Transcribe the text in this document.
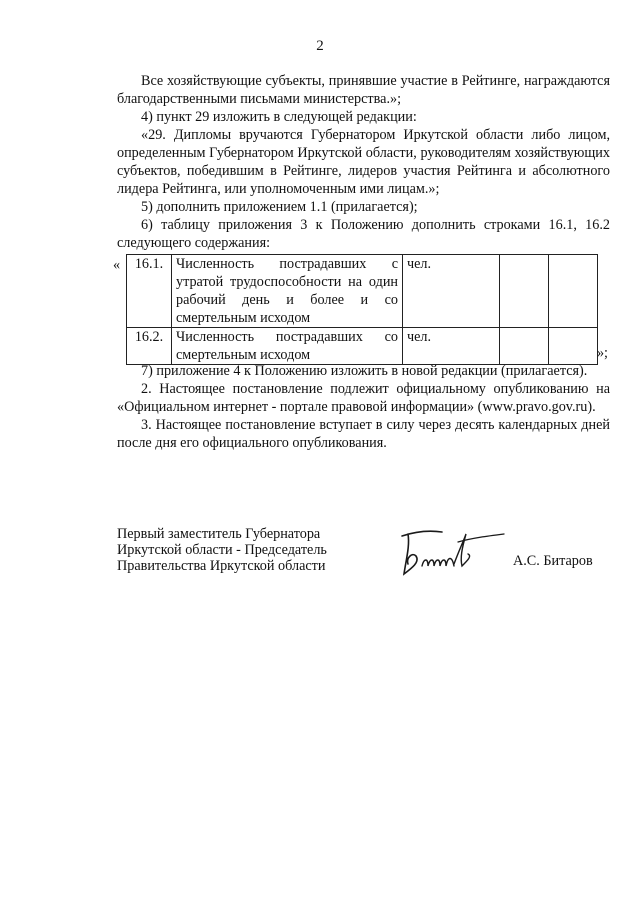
2

Все хозяйствующие субъекты, принявшие участие в Рейтинге, награждаются благодарственными письмами министерства.»;

4) пункт 29 изложить в следующей редакции:

«29. Дипломы вручаются Губернатором Иркутской области либо лицом, определенным Губернатором Иркутской области, руководителям хозяйствующих субъектов, победившим в Рейтинге, лидеров участия Рейтинга и абсолютного лидера Рейтинга, или уполномоченным ими лицам.»;

5) дополнить приложением 1.1 (прилагается);

6) таблицу приложения 3 к Положению дополнить строками 16.1, 16.2 следующего содержания:

« 16.1.	Численность пострадавших с утратой трудоспособности на один рабочий день и более и со смертельным исходом	чел.		
16.2.	Численность пострадавших со смертельным исходом	чел.		
»;

7) приложение 4 к Положению изложить в новой редакции (прилагается).

2. Настоящее постановление подлежит официальному опубликованию на «Официальном интернет - портале правовой информации» (www.pravo.gov.ru).

3. Настоящее постановление вступает в силу через десять календарных дней после дня его официального опубликования.

Первый заместитель Губернатора
Иркутской области - Председатель
Правительства Иркутской области	А.С. Битаров
